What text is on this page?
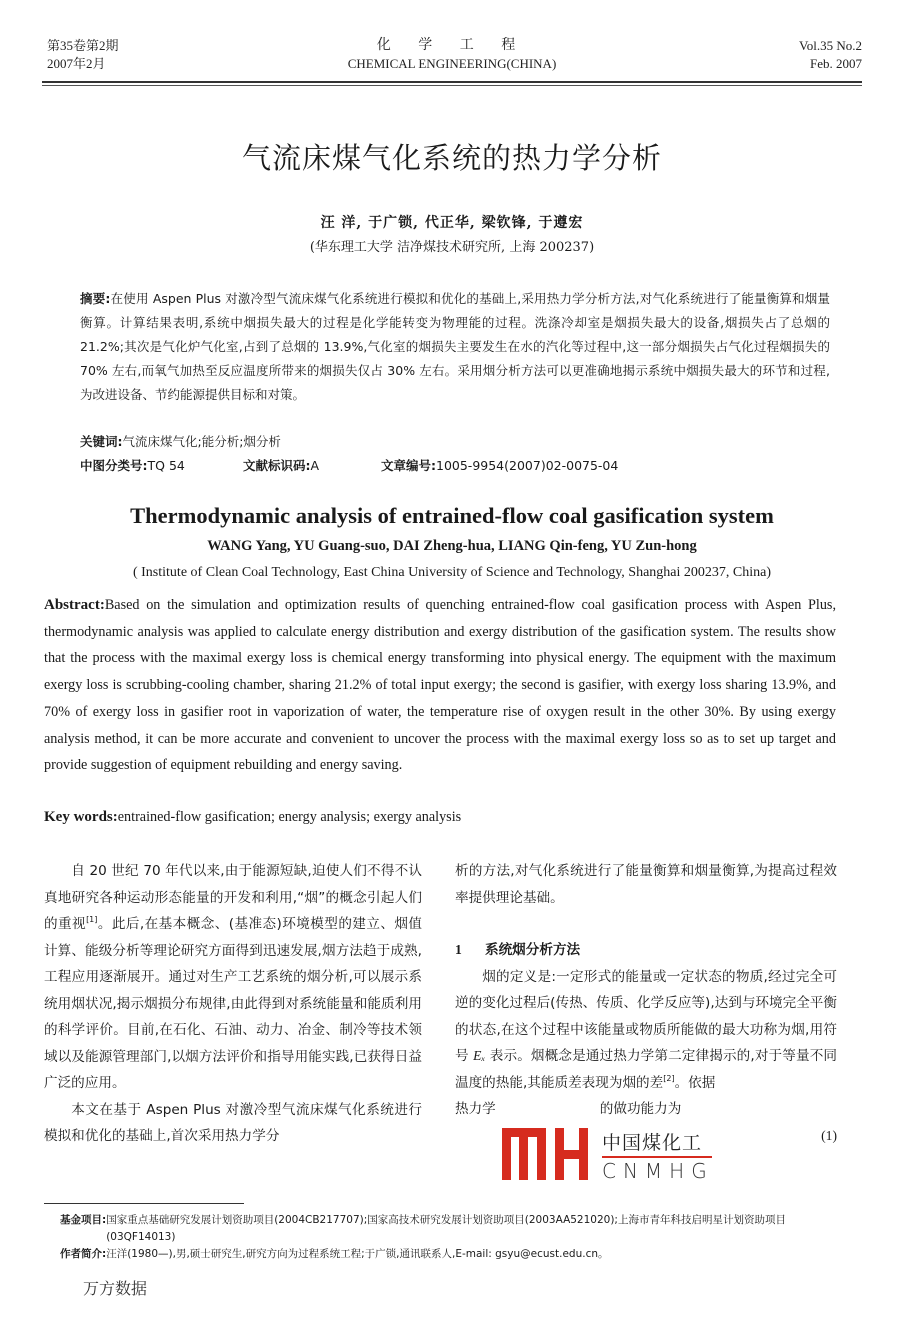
第35卷第2期
2007年2月
化 学 工 程
CHEMICAL ENGINEERING(CHINA)
Vol.35 No.2
Feb. 2007
气流床煤气化系统的热力学分析
汪 洋, 于广锁, 代正华, 梁钦锋, 于遵宏
(华东理工大学 洁净煤技术研究所, 上海 200237)
摘要:在使用 Aspen Plus 对激冷型气流床煤气化系统进行模拟和优化的基础上,采用热力学分析方法,对气化系统进行了能量衡算和烟量衡算。计算结果表明,系统中烟损失最大的过程是化学能转变为物理能的过程。洗涤冷却室是烟损失最大的设备,烟损失占了总烟的 21.2%;其次是气化炉气化室,占到了总烟的 13.9%,气化室的烟损失主要发生在水的汽化等过程中,这一部分烟损失占气化过程烟损失的 70% 左右,而氧气加热至反应温度所带来的烟损失仅占 30% 左右。采用烟分析方法可以更准确地揭示系统中烟损失最大的环节和过程,为改进设备、节约能源提供目标和对策。
关键词:气流床煤气化;能分析;烟分析
中图分类号:TQ 54	文献标识码:A	文章编号:1005-9954(2007)02-0075-04
Thermodynamic analysis of entrained-flow coal gasification system
WANG Yang, YU Guang-suo, DAI Zheng-hua, LIANG Qin-feng, YU Zun-hong
( Institute of Clean Coal Technology, East China University of Science and Technology, Shanghai 200237, China)
Abstract:Based on the simulation and optimization results of quenching entrained-flow coal gasification process with Aspen Plus, thermodynamic analysis was applied to calculate energy distribution and exergy distribution of the gasification system. The results show that the process with the maximal exergy loss is chemical energy transforming into physical energy. The equipment with the maximum exergy loss is scrubbing-cooling chamber, sharing 21.2% of total input exergy; the second is gasifier, with exergy loss sharing 13.9%, and 70% of exergy loss in gasifier root in vaporization of water, the temperature rise of oxygen result in the other 30%. By using exergy analysis method, it can be more accurate and convenient to uncover the process with the maximal exergy loss so as to set up target and provide suggestion of equipment rebuilding and energy saving.
Key words:entrained-flow gasification; energy analysis; exergy analysis

自 20 世纪 70 年代以来,由于能源短缺,迫使人们不得不认真地研究各种运动形态能量的开发和利用,“烟”的概念引起人们的重视[1]。此后,在基本概念、(基准态)环境模型的建立、烟值计算、能级分析等理论研究方面得到迅速发展,烟方法趋于成熟,工程应用逐渐展开。通过对生产工艺系统的烟分析,可以展示系统用烟状况,揭示烟损分布规律,由此得到对系统能量和能质利用的科学评价。目前,在石化、石油、动力、冶金、制冷等技术领域以及能源管理部门,以烟方法评价和指导用能实践,已获得日益广泛的应用。

本文在基于 Aspen Plus 对激冷型气流床煤气化系统进行模拟和优化的基础上,首次采用热力学分

析的方法,对气化系统进行了能量衡算和烟量衡算,为提高过程效率提供理论基础。

1 系统烟分析方法

烟的定义是:一定形式的能量或一定状态的物质,经过完全可逆的变化过程后(传热、传质、化学反应等),达到与环境完全平衡的状态,在这个过程中该能量或物质所能做的最大功称为烟,用符号 Eₓ 表示。烟概念是通过热力学第二定律揭示的,对于等量不同温度的热能,其能质差表现为烟的差[2]。依据

热力学	的做功能力为

(1)

中国煤化工
CNMHG
基金项目: 国家重点基础研究发展计划资助项目(2004CB217707);国家高技术研究发展计划资助项目(2003AA521020);上海市青年科技启明星计划资助项目(03QF14013)
作者简介: 汪洋(1980—),男,硕士研究生,研究方向为过程系统工程;于广锁,通讯联系人,E-mail: gsyu@ecust.edu.cn。
万方数据
